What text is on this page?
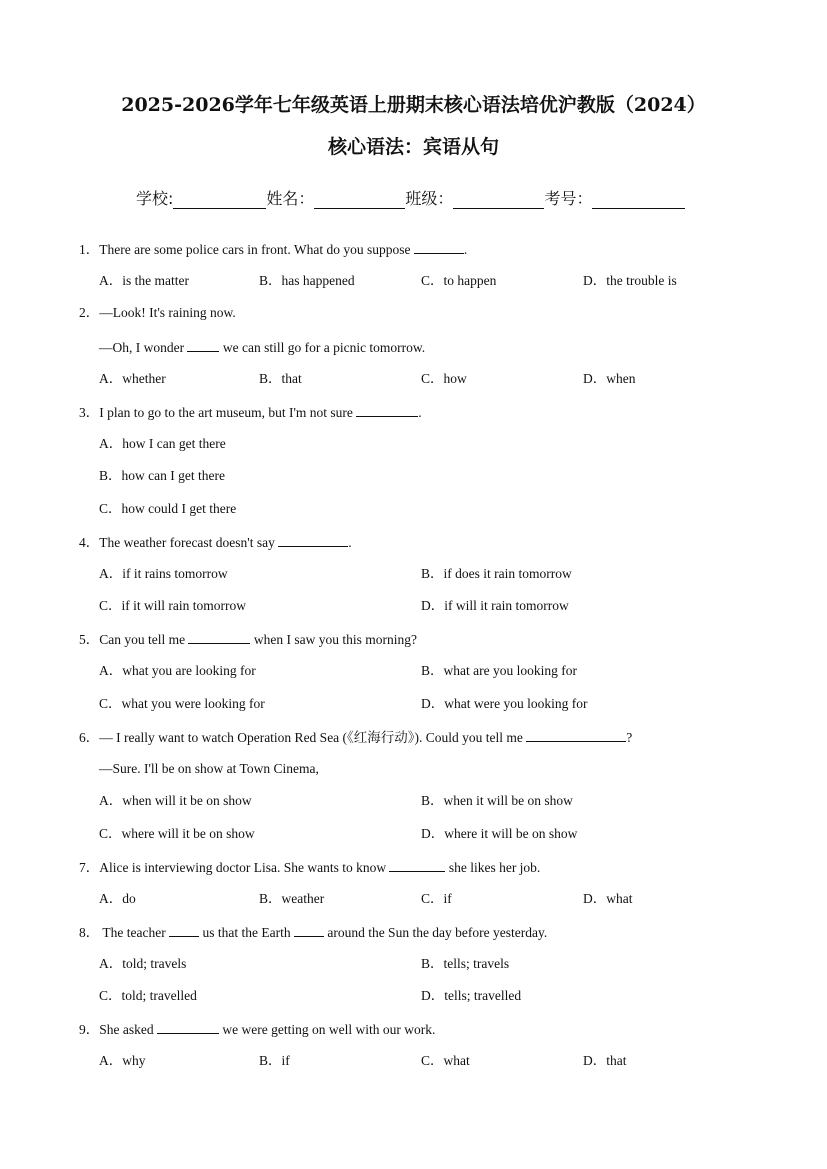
2025-2026学年七年级英语上册期末核心语法培优沪教版（2024）
核心语法：宾语从句
学校:	姓名：	班级：	考号：
1．There are some police cars in front. What do you suppose	.
A．is the matter	B．has happened	C．to happen	D．the trouble is
2．—Look! It's raining now.
—Oh, I wonder  we can still go for a picnic tomorrow.
A．whether	B．that	C．how	D．when
3．I plan to go to the art museum, but I'm not sure	.
A．how I can get there
B．how can I get there
C．how could I get there
4．The weather forecast doesn't say	.
A．if it rains tomorrow	B．if does it rain tomorrow
C．if it will rain tomorrow	D．if will it rain tomorrow
5．Can you tell me	when I saw you this morning?
A．what you are looking for	B．what are you looking for
C．what you were looking for	D．what were you looking for
6．— I really want to watch Operation Red Sea (《红海行动》). Could you tell me	?
—Sure. I'll be on show at Town Cinema,
A．when will it be on show	B．when it will be on show
C．where will it be on show	D．where it will be on show
7．Alice is interviewing doctor Lisa. She wants to know	she likes her job.
A．do	B．weather	C．if	D．what
8． The teacher  us that the Earth  around the Sun the day before yesterday.
A．told; travels	B．tells; travels
C．told; travelled	D．tells; travelled
9．She asked	we were getting on well with our work.
A．why	B．if	C．what	D．that
